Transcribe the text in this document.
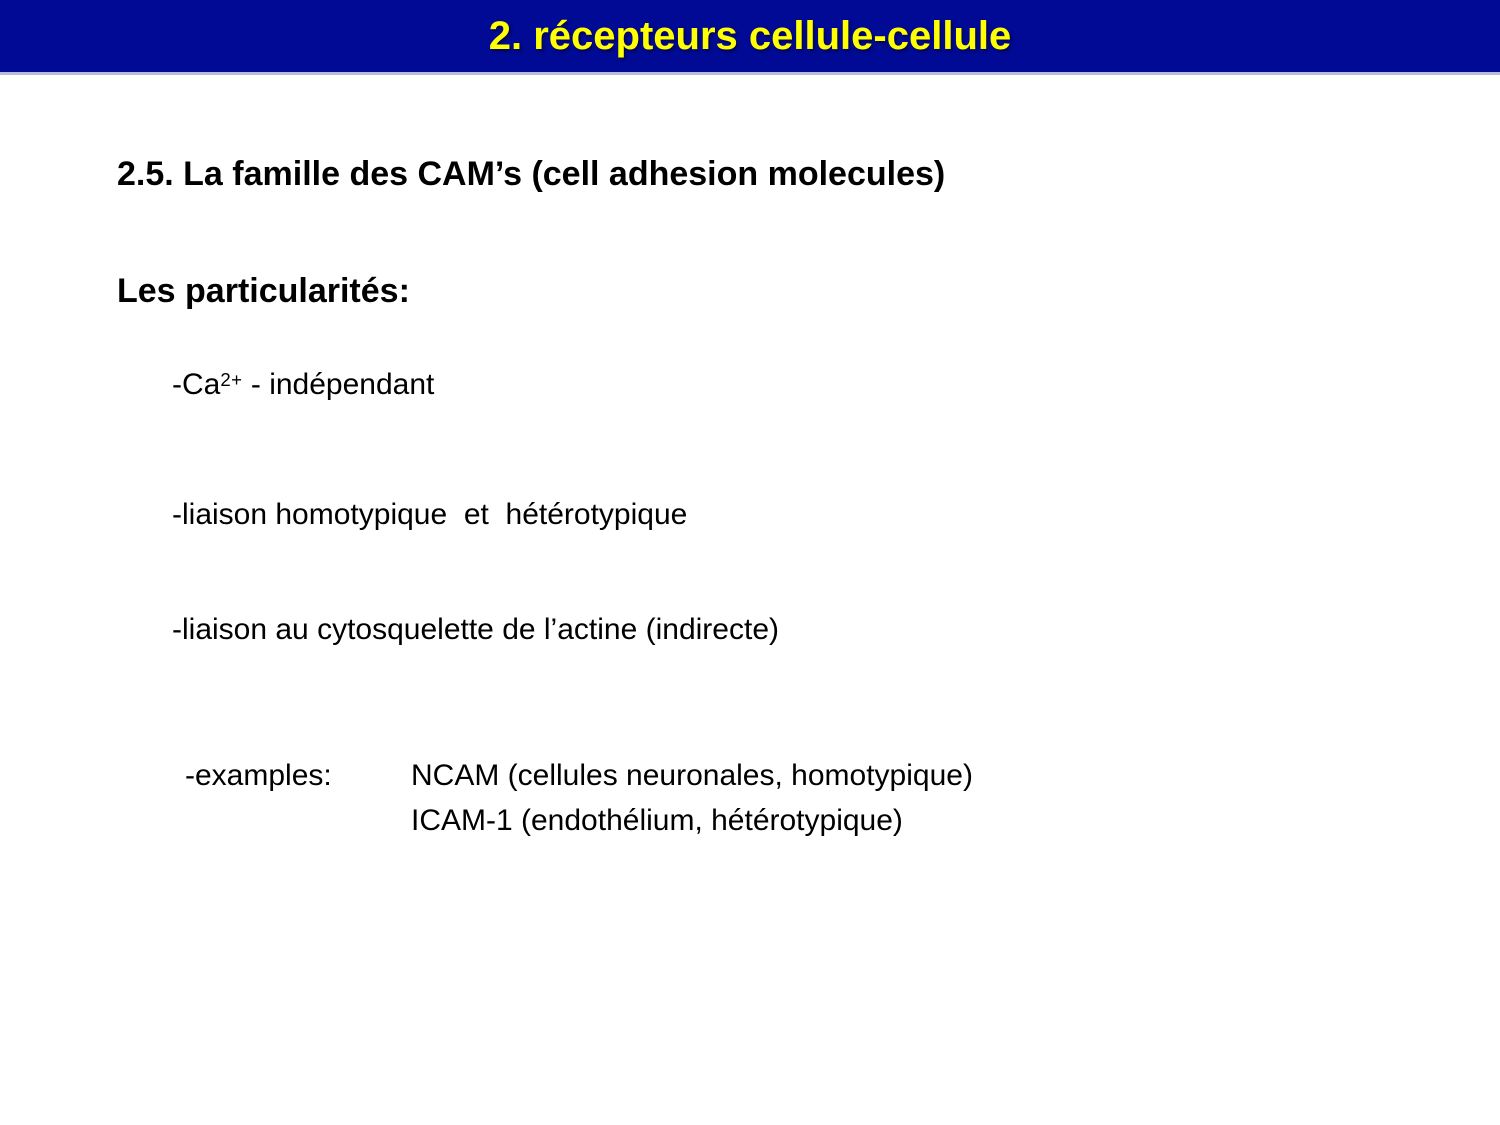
2. récepteurs cellule-cellule
2.5. La famille des CAM’s (cell adhesion molecules)
Les particularités:

$-Ca^{2+}$ - indépendant

-liaison homotypique  et  hétérotypique

-liaison au cytosquelette de l’actine (indirecte)

-examples:	NCAM (cellules neuronales, homotypique)
ICAM-1 (endothélium, hétérotypique)
